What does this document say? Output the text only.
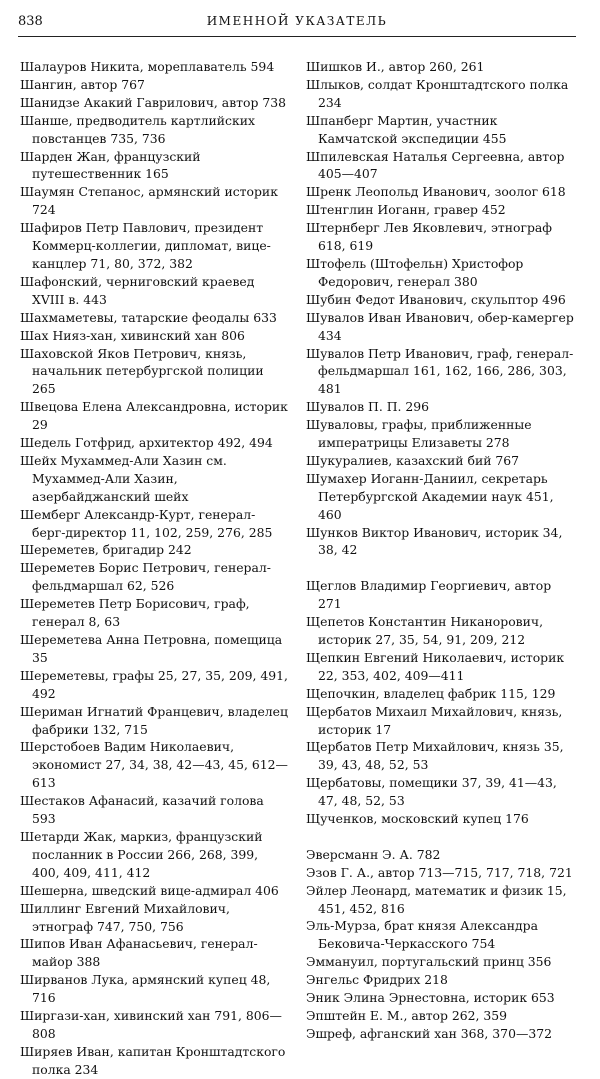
838	ИМЕННОЙ УКАЗАТЕЛЬ
Шалауров Никита, мореплаватель 594
Шангин, автор 767
Шанидзе Акакий Гаврилович, автор 738
Шанше, предводитель картлийских повстанцев 735, 736
Шарден Жан, французский путешественник 165
Шаумян Степанос, армянский историк 724
Шафиров Петр Павлович, президент Коммерц-коллегии, дипломат, вице-канцлер 71, 80, 372, 382
Шафонский, черниговский краевед XVIII в. 443
Шахмаметевы, татарские феодалы 633
Шах Нияз-хан, хивинский хан 806
Шаховской Яков Петрович, князь, начальник петербургской полиции 265
Швецова Елена Александровна, историк 29
Шедель Готфрид, архитектор 492, 494
Шейх Мухаммед-Али Хазин см. Мухаммед-Али Хазин, азербайджанский шейх
Шемберг Александр-Курт, генерал-берг-директор 11, 102, 259, 276, 285
Шереметев, бригадир 242
Шереметев Борис Петрович, генерал-фельдмаршал 62, 526
Шереметев Петр Борисович, граф, генерал 8, 63
Шереметева Анна Петровна, помещица 35
Шереметевы, графы 25, 27, 35, 209, 491, 492
Шериман Игнатий Францевич, владелец фабрики 132, 715
Шерстобоев Вадим Николаевич, экономист 27, 34, 38, 42—43, 45, 612—613
Шестаков Афанасий, казачий голова 593
Шетарди Жак, маркиз, французский посланник в России 266, 268, 399, 400, 409, 411, 412
Шешерна, шведский вице-адмирал 406
Шиллинг Евгений Михайлович, этнограф 747, 750, 756
Шипов Иван Афанасьевич, генерал-майор 388
Ширванов Лука, армянский купец 48, 716
Ширгази-хан, хивинский хан 791, 806—808
Ширяев Иван, капитан Кронштадтского полка 234
Шишков И., автор 260, 261
Шлыков, солдат Кронштадтского полка 234
Шпанберг Мартин, участник Камчатской экспедиции 455
Шпилевская Наталья Сергеевна, автор 405—407
Шренк Леопольд Иванович, зоолог 618
Штенглин Иоганн, гравер 452
Штернберг Лев Яковлевич, этнограф 618, 619
Штофель (Штофельн) Христофор Федорович, генерал 380
Шубин Федот Иванович, скульптор 496
Шувалов Иван Иванович, обер-камергер 434
Шувалов Петр Иванович, граф, генерал-фельдмаршал 161, 162, 166, 286, 303, 481
Шувалов П. П. 296
Шуваловы, графы, приближенные императрицы Елизаветы 278
Шукуралиев, казахский бий 767
Шумахер Иоганн-Даниил, секретарь Петербургской Академии наук 451, 460
Шунков Виктор Иванович, историк 34, 38, 42
Щеглов Владимир Георгиевич, автор 271
Щепетов Константин Никанорович, историк 27, 35, 54, 91, 209, 212
Щепкин Евгений Николаевич, историк 22, 353, 402, 409—411
Щепочкин, владелец фабрик 115, 129
Щербатов Михаил Михайлович, князь, историк 17
Щербатов Петр Михайлович, князь 35, 39, 43, 48, 52, 53
Щербатовы, помещики 37, 39, 41—43, 47, 48, 52, 53
Щученков, московский купец 176
Эверсманн Э. А. 782
Эзов Г. А., автор 713—715, 717, 718, 721
Эйлер Леонард, математик и физик 15, 451, 452, 816
Эль-Мурза, брат князя Александра Бековича-Черкасского 754
Эммануил, португальский принц 356
Энгельс Фридрих 218
Эник Элина Эрнестовна, историк 653
Эпштейн Е. М., автор 262, 359
Эшреф, афганский хан 368, 370—372
